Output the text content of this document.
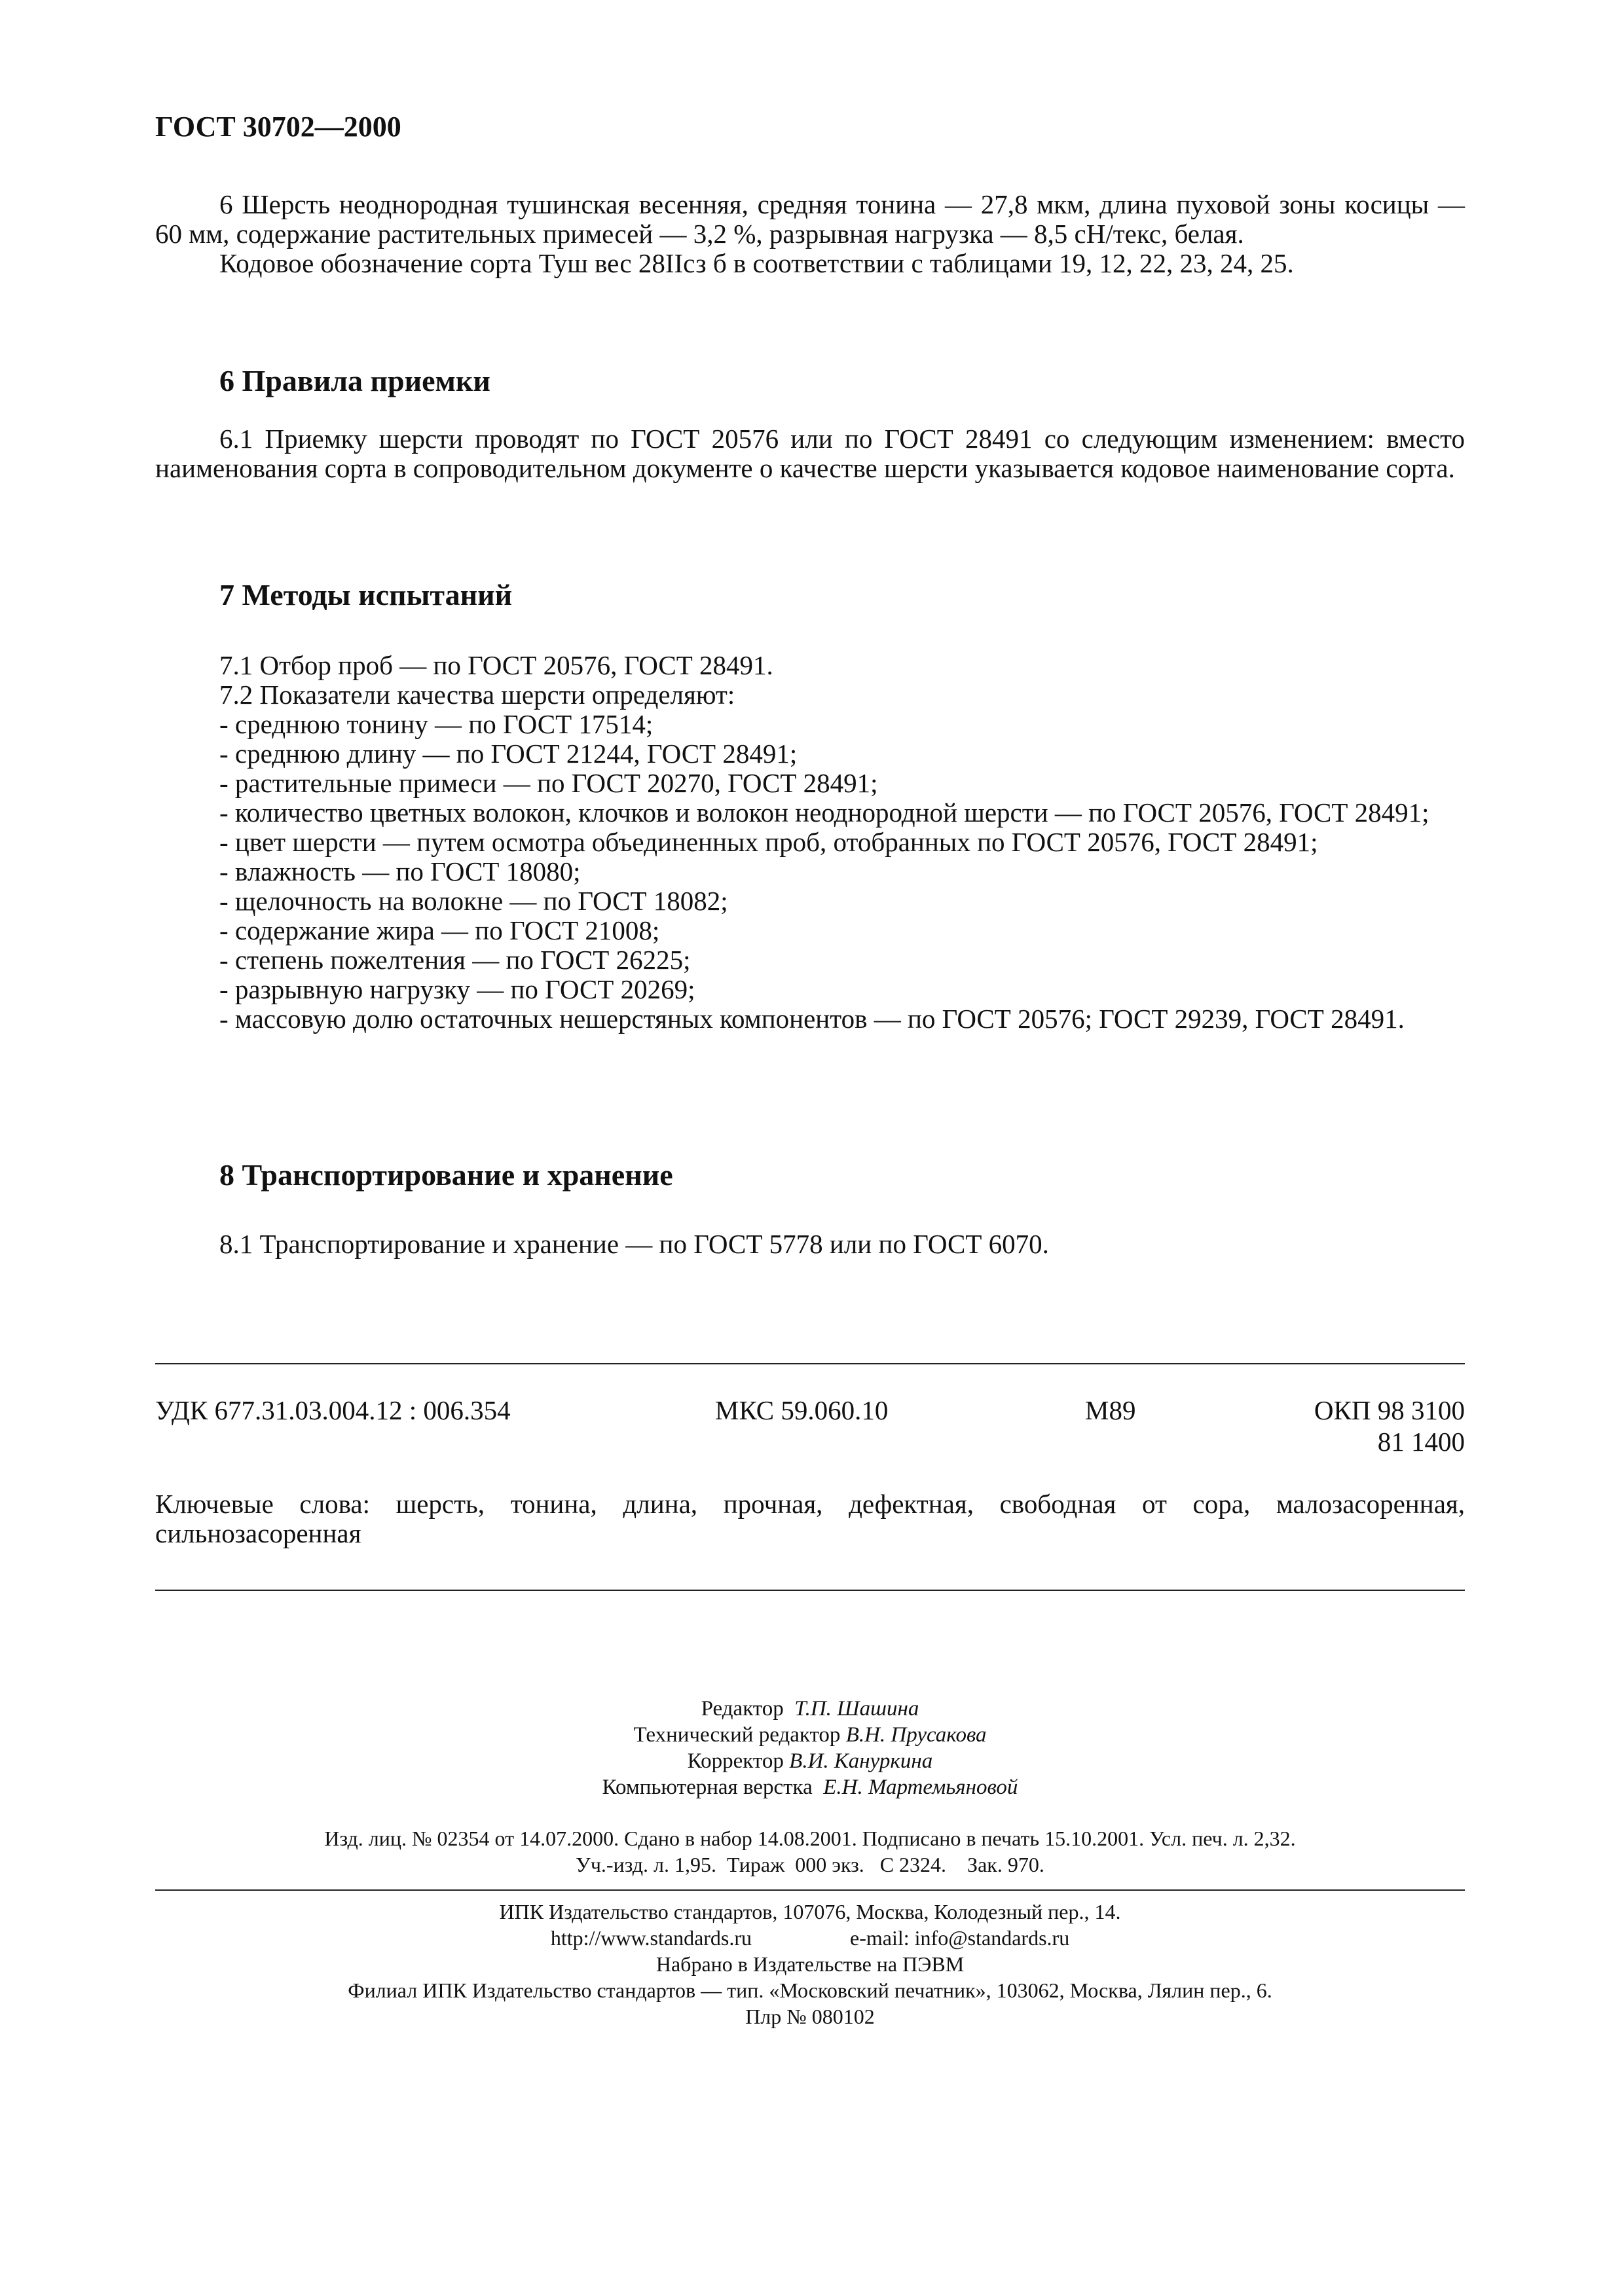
ГОСТ 30702—2000

6 Шерсть неоднородная тушинская весенняя, средняя тонина — 27,8 мкм, длина пуховой зоны косицы — 60 мм, содержание растительных примесей — 3,2 %, разрывная нагрузка — 8,5 сН/текс, белая.

Кодовое обозначение сорта Туш вес 28IIсз б в соответствии с таблицами 19, 12, 22, 23, 24, 25.

6 Правила приемки

6.1 Приемку шерсти проводят по ГОСТ 20576 или по ГОСТ 28491 со следующим изменением: вместо наименования сорта в сопроводительном документе о качестве шерсти указывается кодовое наименование сорта.

7 Методы испытаний

7.1 Отбор проб — по ГОСТ 20576, ГОСТ 28491.

7.2 Показатели качества шерсти определяют:

- среднюю тонину — по ГОСТ 17514;

- среднюю длину — по ГОСТ 21244, ГОСТ 28491;

- растительные примеси — по ГОСТ 20270, ГОСТ 28491;

- количество цветных волокон, клочков и волокон неоднородной шерсти — по ГОСТ 20576, ГОСТ 28491;

- цвет шерсти — путем осмотра объединенных проб, отобранных по ГОСТ 20576, ГОСТ 28491;

- влажность — по ГОСТ 18080;

- щелочность на волокне — по ГОСТ 18082;

- содержание жира — по ГОСТ 21008;

- степень пожелтения — по ГОСТ 26225;

- разрывную нагрузку — по ГОСТ 20269;

- массовую долю остаточных нешерстяных компонентов — по ГОСТ 20576; ГОСТ 29239, ГОСТ 28491.

8 Транспортирование и хранение

8.1 Транспортирование и хранение — по ГОСТ 5778 или по ГОСТ 6070.

УДК 677.31.03.004.12 : 006.354	МКС 59.060.10	М89	ОКП 98 3100
81 1400

Ключевые слова: шерсть, тонина, длина, прочная, дефектная, свободная от сора, малозасоренная, сильнозасоренная

Редактор Т.П. Шашина
Технический редактор В.Н. Прусакова
Корректор В.И. Кануркина
Компьютерная верстка Е.Н. Мартемьяновой
Изд. лиц. № 02354 от 14.07.2000. Сдано в набор 14.08.2001. Подписано в печать 15.10.2001. Усл. печ. л. 2,32.
Уч.-изд. л. 1,95.  Тираж  000 экз.   С 2324.    Зак. 970.
ИПК Издательство стандартов, 107076, Москва, Колодезный пер., 14.
http://www.standards.ru	e-mail: info@standards.ru
Набрано в Издательстве на ПЭВМ
Филиал ИПК Издательство стандартов — тип. «Московский печатник», 103062, Москва, Лялин пер., 6.
Плр № 080102
